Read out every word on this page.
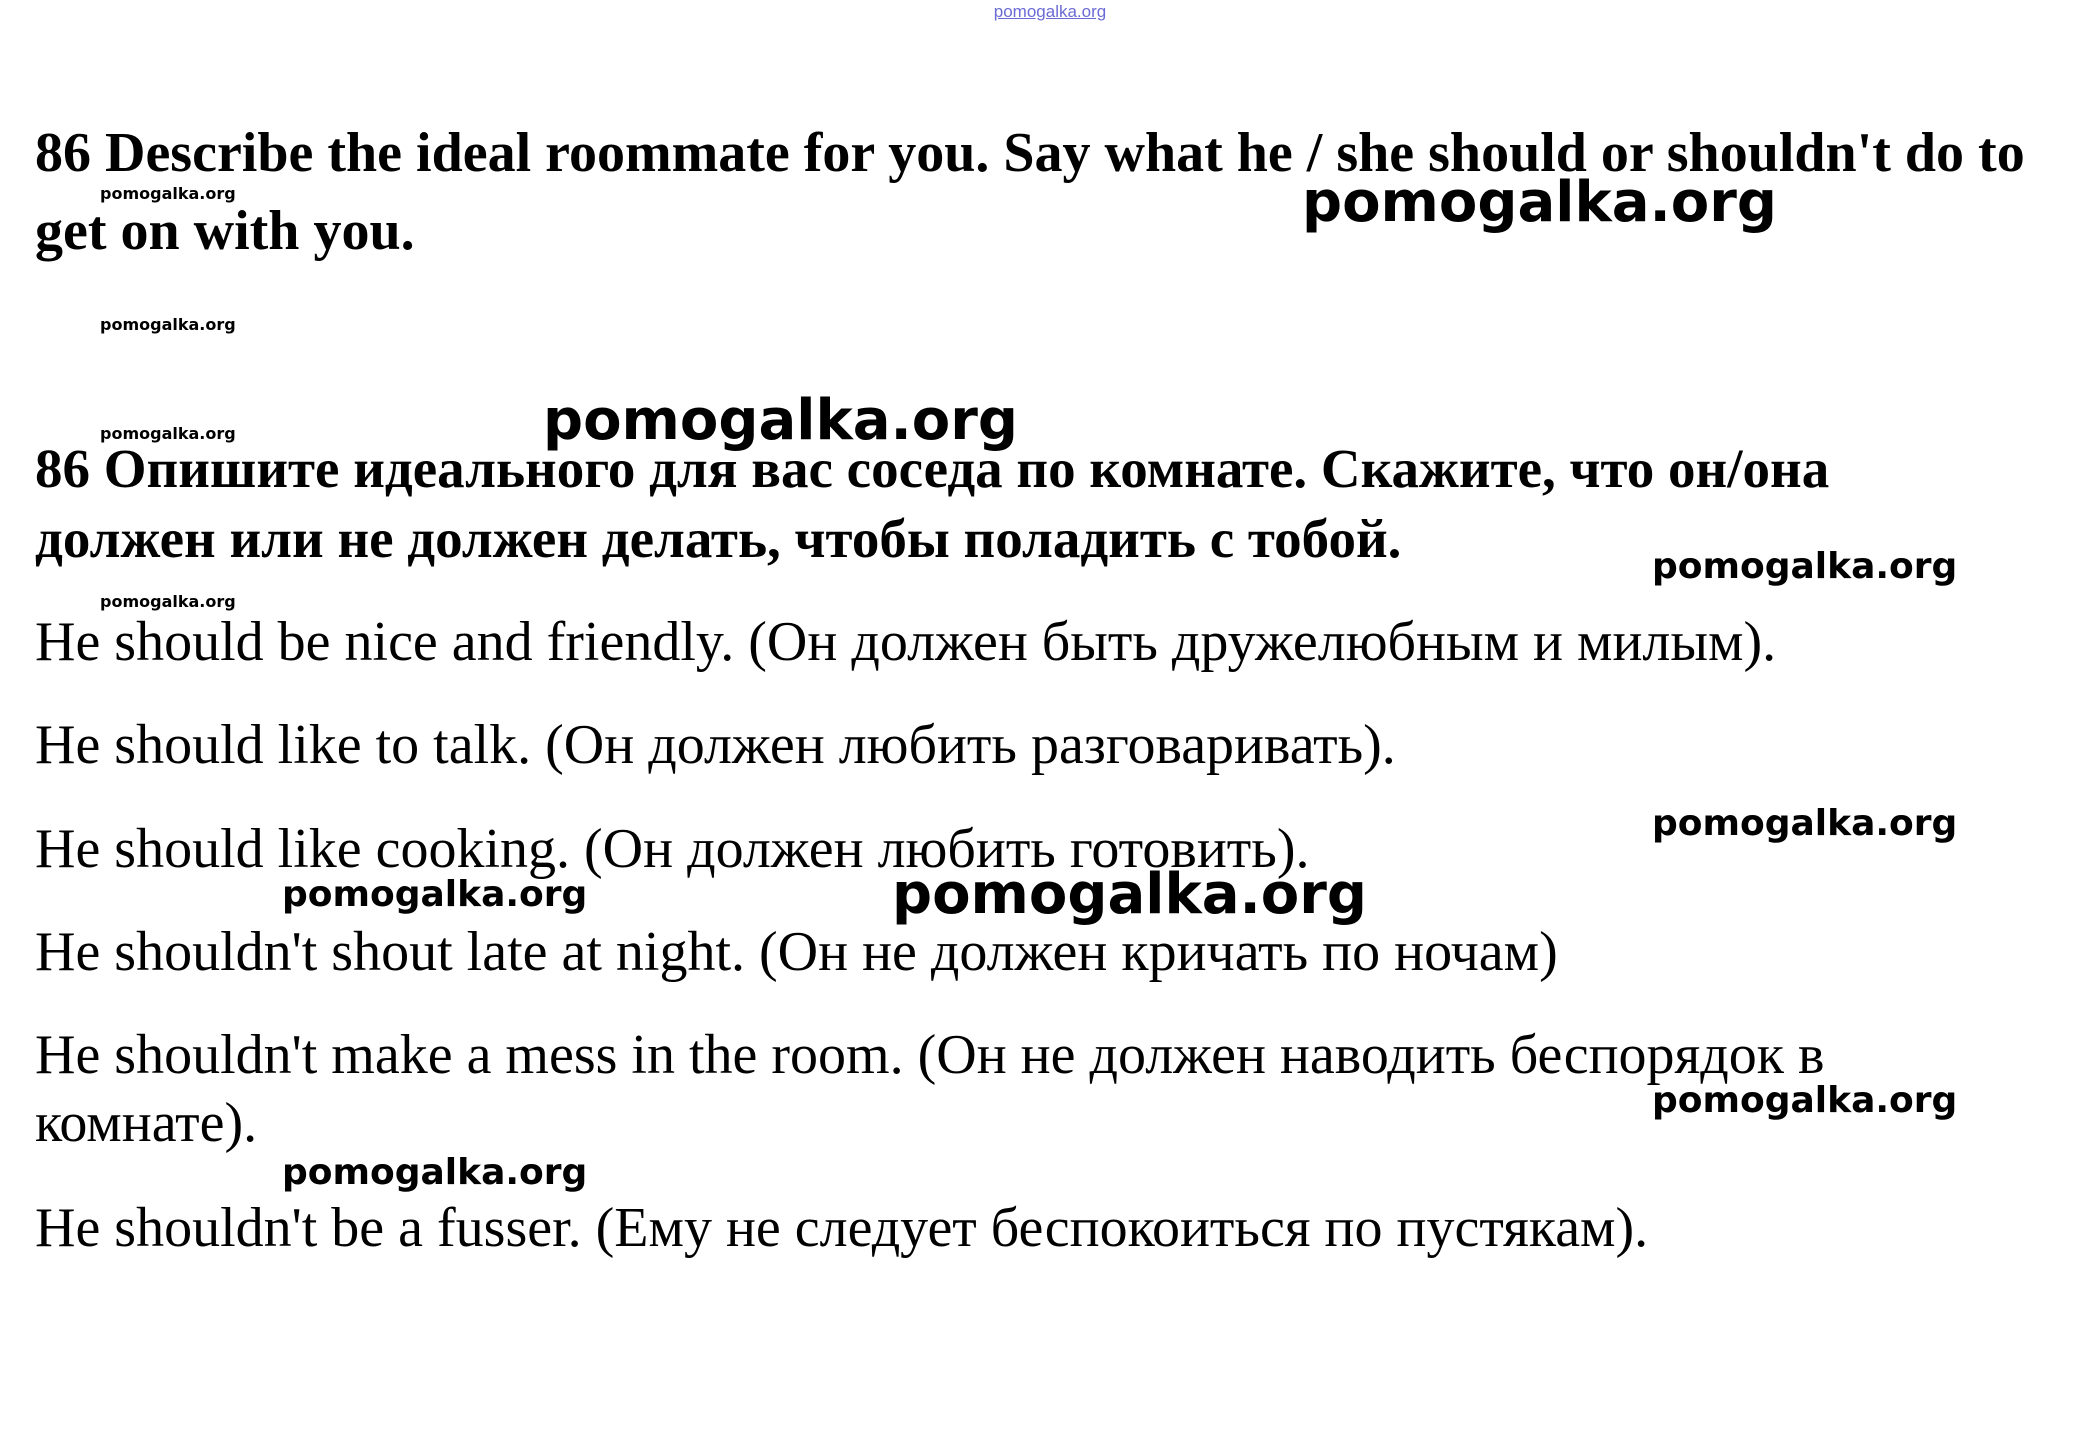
pomogalka.org
86 Describe the ideal roommate for you. Say what he / she should or shouldn't do to get on with you.
86 Опишите идеального для вас соседа по комнате. Скажите, что он/она
должен или не должен делать, чтобы поладить с тобой.

He should be nice and friendly. (Он должен быть дружелюбным и милым).

He should like to talk. (Он должен любить разговаривать).

He should like cooking. (Он должен любить готовить).

He shouldn't shout late at night. (Он не должен кричать по ночам)

He shouldn't make a mess in the room. (Он не должен наводить беспорядок в комнате).

He shouldn't be a fusser. (Ему не следует беспокоиться по пустякам).

pomogalka.org	pomogalka.org
pomogalka.org
pomogalka.org	pomogalka.org
pomogalka.org
pomogalka.org
pomogalka.org
pomogalka.org	pomogalka.org
pomogalka.org
pomogalka.org
